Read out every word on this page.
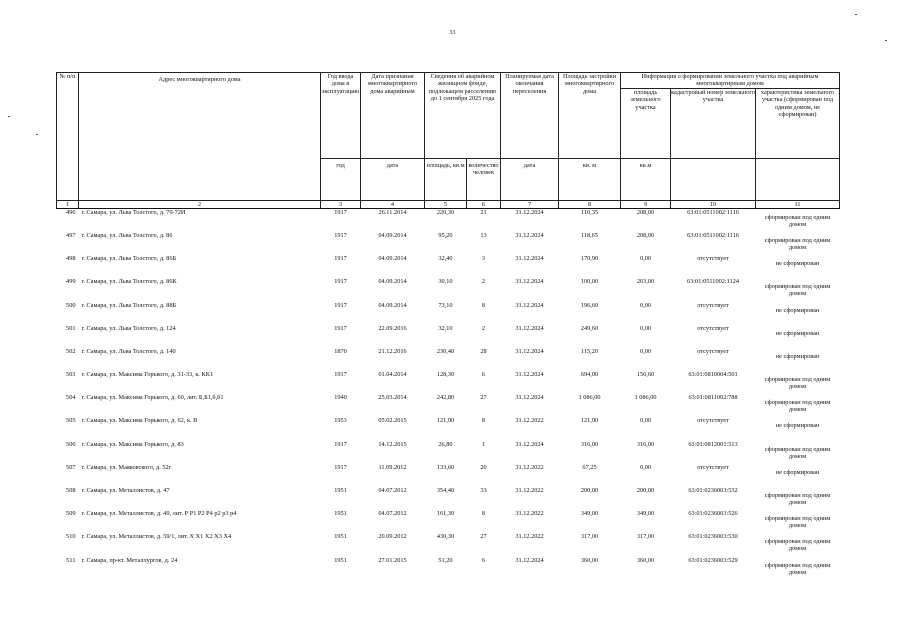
33
№ п/п	Адрес многоквартирного дома	Год ввода дома в эксплуатацию	Дата признания многоквартирного дома аварийным	Сведения об аварийном жилищном фонде, подлежащем расселению до 1 сентября 2025 года		Планируемая дата окончания переселения	Площадь застройки многоквартирного дома	Информация о формировании земельного участка под аварийным многоквартирным домом		
								площадь земельного участка	кадастровый номер земельного участка	характеристика земельного участка (сформирован под одним домом, не сформирован)
		год	дата	площадь, кв.м	количество человек	дата	кв. м	кв.м		
1	2	3	4	5	6	7	8	9	10	11
496	г. Самара, ул. Льва Толстого, д. 70-72И	1917	26.11.2014	220,30	21	31.12.2024	110,35	208,00	63:01:0511002:1116	сформирован под одним домом
497	г. Самара, ул. Льва Толстого, д. 86	1917	04.09.2014	95,20	13	31.12.2024	118,65	208,00	63:01:0511002:1116	сформирован под одним домом
498	г. Самара, ул. Льва Толстого, д. 86Б	1917	04.09.2014	32,40	3	31.12.2024	170,90	0,00	отсутствует	не сформирован
499	г. Самара, ул. Льва Толстого, д. 86К	1917	04.09.2014	30,10	2	31.12.2024	100,00	203,00	63:01:0511002:1124	сформирован под одним домом
500	г. Самара, ул. Льва Толстого, д. 88Б	1917	04.09.2014	73,10	8	31.12.2024	196,60	0,00	отсутствует	не сформирован
501	г. Самара, ул. Льва Толстого, д. 124	1917	22.09.2016	32,10	2	31.12.2024	249,60	0,00	отсутствует	не сформирован
502	г. Самара, ул. Льва Толстого, д. 140	1870	21.12.2016	230,40	28	31.12.2024	115,20	0,00	отсутствует	не сформирован
503	г. Самара, ул. Максима Горького, д. 31-33, к. КК1	1917	01.04.2014	128,30	6	31.12.2024	694,00	156,60	63:01:0810004:501	сформирован под одним домом
504	г. Самара, ул. Максима Горького, д. 60, лит. Б,Б1,б,б1	1940	25.03.2014	242,80	27	31.12.2024	1 086,00	1 086,00	63:01:0811002:788	сформирован под одним домом
505	г. Самара, ул. Максима Горького, д. 62, к. В	1953	05.02.2015	121,90	8	31.12.2022	121,90	0,00	отсутствует	не сформирован
506	г. Самара, ул. Максима Горького, д. 83	1917	14.12.2015	26,80	1	31.12.2024	316,00	316,00	63:01:0812001:513	сформирован под одним домом
507	г. Самара, ул. Маяковского, д. 52г	1917	11.09.2012	133,60	20	31.12.2022	67,25	0,00	отсутствует	не сформирован
508	г. Самара, ул. Металлистов, д. 47	1951	04.07.2012	354,40	33	31.12.2022	200,00	200,00	63:01:0236003:532	сформирован под одним домом
509	г. Самара, ул. Металлистов, д. 49, лит. Р Р1 Р2 Р4 р2 р3 р4	1951	04.07.2012	161,30	8	31.12.2022	349,00	349,00	63:01:0236003:526	сформирован под одним домом
510	г. Самара, ул. Металлистов, д. 59/1, лит. Х Х1 Х2 Х3 Х4	1951	20.09.2012	430,30	27	31.12.2022	317,00	317,00	63:01:0236003:530	сформирован под одним домом
511	г. Самара, пр-кт. Металлургов, д. 24	1951	27.01.2015	51,20	6	31.12.2024	360,00	360,00	63:01:0236003:529	сформирован под одним домом
